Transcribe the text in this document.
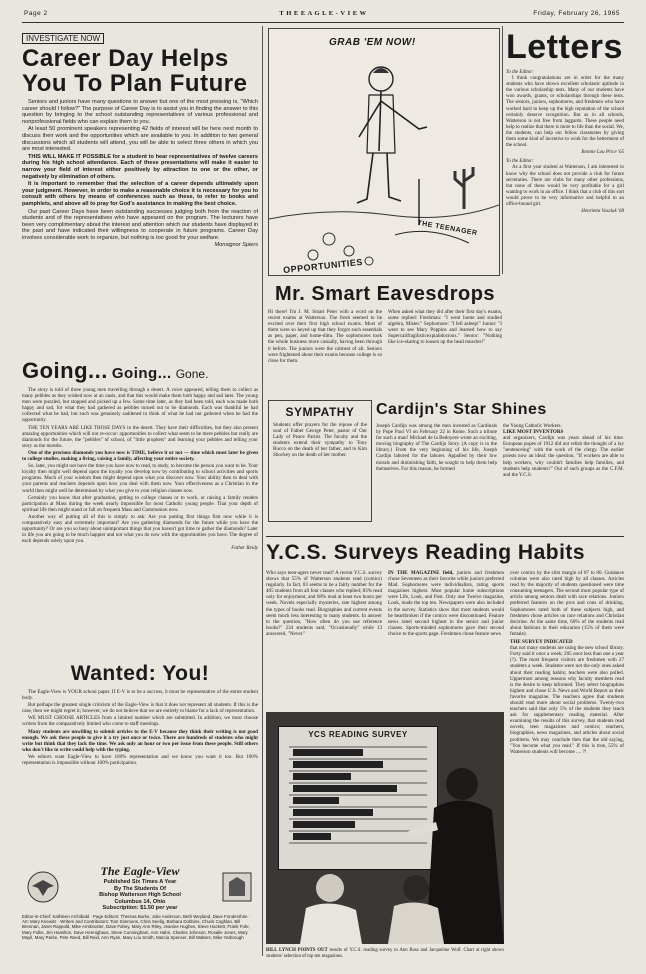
Page 2	T H E E A G L E - V I E W	Friday, February 26, 1965
INVESTIGATE NOW
Career Day Helps
You To Plan Future

Seniors and juniors have many questions to answer but one of the most pressing is, "Which career should I follow?" The purpose of Career Day is to assist you in finding the answer to this question by bringing to the school outstanding representatives of various professional and nonprofessional fields who can explain them to you.

At least 50 prominent speakers representing 42 fields of interest will be here next month to discuss their work and the opportunities which are available to you. In addition to two general discussions which all students will attend, you will be able to select three others in which you are most interested.

THIS WILL MAKE IT POSSIBLE for a student to hear representatives of twelve careers during his high school attendance. Each of these presentations will make it easier to narrow your field of interest either positively by attraction to one or the other, or negatively by elimination of others.

It is important to remember that the selection of a career depends ultimately upon your judgment. However, in order to make a reasonable choice it is necessary for you to consult with others by means of conferences such as these, to refer to books and pamphlets, and above all to pray for God's assistance in making the best choice.

Our past Career Days have been outstanding successes judging both from the reaction of students and of the representatives who have appeared on the program. The lecturers have been very complimentary about the interest and attention which our students have displayed in the past and have indicated their willingness to cooperate in future programs. Career Day involves considerable work to organize, but nothing is too good for your welfare.

Monsignor Spiers
Going... Going... Gone.

The story is told of three young men travelling through a desert. A voice appeared, telling them to collect as many pebbles as they wished now at an oasis, and that this would make them both happy and sad later. The young men were puzzled, but stopped and picked up a few. Some time later, as they had been told, each was made both happy and sad, for what they had gathered as pebbles turned out to be diamonds. Each was thankful he had collected what he had, but each was genuinely saddened to think of what he had not gathered when he had the opportunity.

THE TEN YEARS ARE LIKE THOSE DAYS in the desert. They have their difficulties, but they also present amazing opportunities which will not re-occur: opportunities to collect what seem to be mere pebbles but really are diamonds for the future, the "pebbles" of school, of "little prophets" and learning your pebbles and telling your story as the months.

One of the precious diamonds you have now is TIME, believe it or not — time which must later be given to college studies, making a living, raising a family, affecting your entire society.

So, later, you might not have the time you have now to read, to study, to become the person you want to be. Your loyalty then might well depend upon the loyalty you develop now by contributing to school activities and sports programs. Much of your wisdom then might depend upon what you discover now. Your ability then to deal with your parents and teachers depends upon how you deal with them now. Your effectiveness as a Christian in the world then might well be determined by what you give to your religion classes now.

Certainly you know that after graduation, getting to college classes or to work, or raising a family renders participation at Mass during the week nearly impossible for most Catholic young people. That your depth of spiritual life then might stand or fall on frequent Mass and Communion now.

Another way of putting all of this is simply to ask: Are you putting first things first now while it is comparatively easy and extremely important? Are you gathering diamonds for the future while you have the opportunity? Or are you so busy about unimportant things that you haven't got time to gather the diamonds? Later in life you are going to be much happier and not what you do now with the opportunities you have. The degree of each depends solely upon you.

Father Reidy
Wanted: You!

The Eagle-View is YOUR school paper. If E-V is to be a success, it must be representative of the entire student body.

But perhaps the greatest single criticism of the Eagle-View is that it does not represent all students. If this is the case, then we might regret it; however, we do not believe that we are entirely to blame for a lack of representation.

WE MUST CHOOSE ARTICLES from a limited number which are submitted. In addition, we must choose writers from the comparatively limited who come to staff meetings.

Many students are unwilling to submit articles to the E-V because they think their writing is not good enough. We ask these people to give it a try just once or twice. There are hundreds of students who might write but think that they lack the time. We ask only an hour or two per issue from these people. Still others who don't like to write could help with the typing.

We editors want Eagle-View to have 100% representation and we know you want it too. But 100% representation is impossible without 100% participation.

The Eagle-View
Published Six Times A Year
By The Students Of
Bishop Watterson High School
Columbus 14, Ohio
Subscription: $1.50 per year
Editor-in-Chief: Kathleen Archibald · Page Editors: Theresa Burke, Julie Anderson, Beth Weyland, Dave Fondershire · Art: Mary Kriewitz · Writers and Contributors: Tom Simmons, Chris Seelig, Barbara Dobbins, Chuck Coghlan, Bill Brennan, Janet Rappold, Mike Armbruster, Dave Fahey, Mary Ann Riley, Jeanine Hughes, Steve Hackett, Frank Fuhr, Mary Fulks, Jim Hamilton, Dave Hennighaus, Steve Cunningham, Ann Hahn, Charles Johnson, Rosalie Jones, Mary Mayil, Mary Parke, Pete Reed, Bill Reid, Ann Ryan, Mary Lou Smith, Marcia Spencer, Bill Walters, Mike Yarbrough
GRAB 'EM NOW!
THE TEENAGER
OPPORTUNITIES
Letters
To the Editor:

I think congratulations are in order for the many students who have shown excellent scholastic aptitude in the various scholarship tests. Many of our students have won awards, grants, or scholarships through these tests. The seniors, juniors, sophomores, and freshmen who have worked hard to keep up the high reputation of the school certainly deserve recognition. But as in all schools, Watterson is not free from laggards. These people need help to realize that there is more to life than the social. We, the students, can help our fellow classmates by giving them some kind of incentive to work for the betterment of the school.

Bonnie Lou Price '65
To the Editor:

As a first year student at Watterson, I am interested to know why the school does not provide a club for future secretaries. There are clubs for many other professions, but none of these would be very profitable for a girl wanting to work in an office. I think that a club of this sort would prove to be very informative and helpful to an office-bound girl.

Henrietta Vaszlak '68
Mr. Smart Eavesdrops
Hi there! I'm J. M. Smart Peter with a word on the recent exams at Watterson. The fresh seemed to be excited over their first high school exams. Most of them were so keyed up that they forgot such essentials as pen, paper, and home-ditto. The sophomores took the whole business more casually, having been through it before. The juniors were the calmest of all. Seniors were frightened about their exams because college is so close for them.
When asked what they did after their first day's exams, some replied: Freshman: "I went home and studied algebra, Mister." Sophomore: "I fell asleep!" Junior: "I went to see Mary Poppins and learned how to say Supercalifragilisticexpialidocious." Senior: "Nothing like ice-skating to loosen up the head muscles!"
SYMPATHY
Students offer prayers for the repose of the soul of Father George Peter, pastor of Our Lady of Peace Parish. The faculty and the students extend their sympathy to Tony Bucco on the death of her father, and to Kim Shockey on the death of her mother.
Cardijn's Star Shines
Joseph Cardijn was among the men invested as Cardinals by Pope Paul VI on February 22 in Rome. Such a tribute for such a man! Michael de la Bedoyere wrote an exciting, moving biography of The Cardijn Story. (A copy is in the library.) From the very beginning of his life, Joseph Cardijn labored for the laborer. Appalled by their low morals and diminishing faith, he sought to help them help themselves. For this reason, he formed
the Young Catholic Workers.
LIKE MOST INVENTORS
and organizers, Cardijn was years ahead of his time. European popes of 1912 did not relish the thought of a lay "sentenceing" with the work of the clergy. The earlier priests now an ideal: the question, "If workers are able to help workers, why couldn't families help families, and students help students?" Out of such groups as the C.F.M. and the Y.C.S.
Y.C.S. Surveys Reading Habits
Who says teen-agers never read? A recent Y.C.S. survey shows that 55% of Watterson students read (comics) regularly. In fact, 83 seems to be a fairly number for the 405 students from all four classes who replied; 83% read only for enjoyment, and 68% read at least two hours per week. Novels especially mysteries, rate highest among the types of books read. Biographies and current events seem much less interesting to many students. In answer to the question, "How often do you use reference books?" 234 students said, "Occasionally" while 13 answered, "Never."
IN THE MAGAZINE field, juniors and freshmen chose Seventeen as their favorite while juniors preferred Mad. Sophomores were individualists, rating sports magazines highest. Most popular home subscriptions were Life, Look, and Post. Only one Twelve magazine, Look, made the top ten. Newspapers were also included in the survey. Statistics show that most students would be heartbroken if the comics were discontinued. Feature news rated second highest in the senior and junior classes. Sports-minded sophomores gave their second choice to the sports page. Freshmen chose feature news
over comics by the slim margin of 87 to 80. Guidance columns were also rated high by all classes. Articles read by the majority of students questioned were time consuming teenagers. The second most popular type of article among seniors dealt with race relations. Juniors preferred features on the pros and cons of drinking. Sophomores rated both of these subjects high, and freshmen chose articles on race relations and Christian doctrine. At the same time, 60% of the students read about fashions in their education (15% of them were female).
THE SURVEY INDICATED
that not many students are using the new school library. Forty said it once a week; 205 once less than one a year (?). The most frequent visitors are freshmen with 27 students a week. Students were not the only ones asked about their reading habits; teachers were also polled. Uppermost among reasons why faculty members read is the desire to keep informed. They select biographies highest and chose U.S. News and World Report as their favorite magazine. The teachers agree that students should read more about social problems. Twenty-two teachers said that only 5% of the students they teach ask for supplementary reading material. After examining the results of this survey, that students read novels, teen magazines and comics; teachers, biographies, news magazines, and articles about social problems. We may conclude then that the old saying, "You become what you read." If this is true, 55% of Watterson students will become .... ?!
YCS READING SURVEY
BILL LYNCH POINTS OUT results of Y.C.S. reading survey to Ann Ross and Jacqueline Wolf. Chart at right shows students' selection of top ten magazines.
